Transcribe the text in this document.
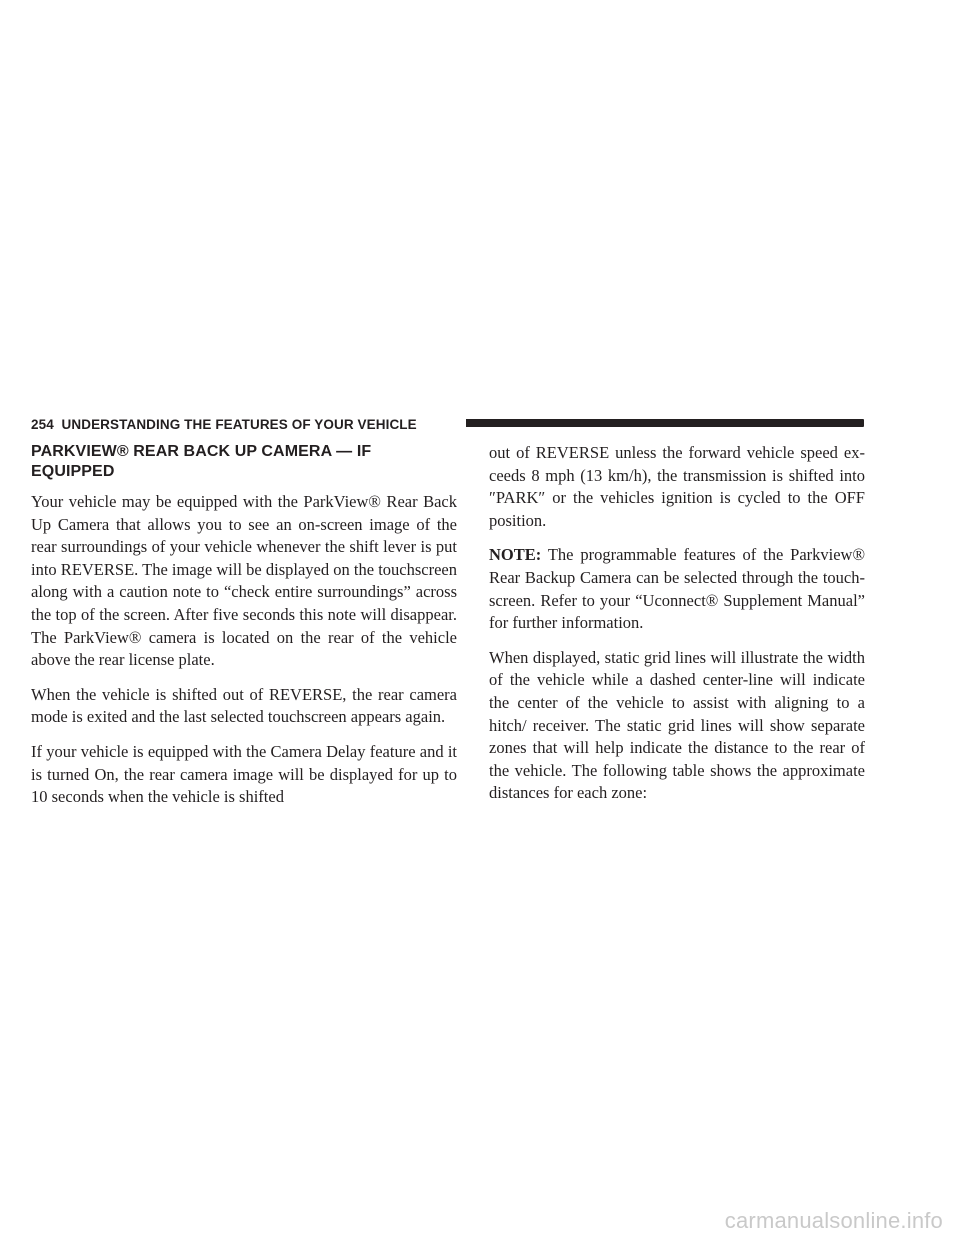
254 UNDERSTANDING THE FEATURES OF YOUR VEHICLE
PARKVIEW® REAR BACK UP CAMERA — IF EQUIPPED

Your vehicle may be equipped with the ParkView® Rear Back Up Camera that allows you to see an on-screen image of the rear surroundings of your vehicle whenever the shift lever is put into REVERSE. The image will be displayed on the touchscreen along with a caution note to “check entire surroundings” across the top of the screen. After five seconds this note will disappear. The ParkView® camera is located on the rear of the vehicle above the rear license plate.

When the vehicle is shifted out of REVERSE, the rear camera mode is exited and the last selected touchscreen appears again.

If your vehicle is equipped with the Camera Delay feature and it is turned On, the rear camera image will be displayed for up to 10 seconds when the vehicle is shifted

out of REVERSE unless the forward vehicle speed exceeds 8 mph (13 km/h), the transmission is shifted into ″PARK″ or the vehicles ignition is cycled to the OFF position.

NOTE: The programmable features of the Parkview® Rear Backup Camera can be selected through the touchscreen. Refer to your “Uconnect® Supplement Manual” for further information.

When displayed, static grid lines will illustrate the width of the vehicle while a dashed center-line will indicate the center of the vehicle to assist with aligning to a hitch/ receiver. The static grid lines will show separate zones that will help indicate the distance to the rear of the vehicle. The following table shows the approximate distances for each zone:

carmanualsonline.info
